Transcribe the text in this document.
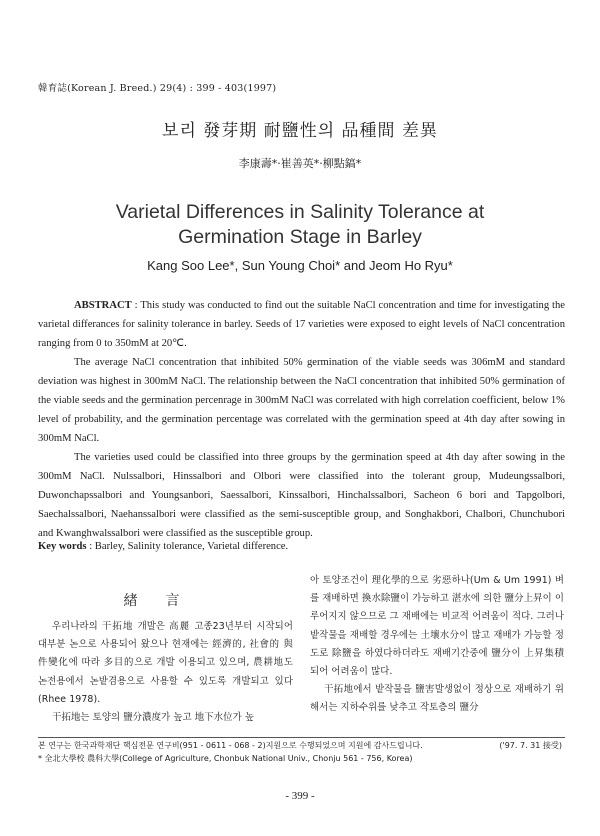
韓育誌(Korean J. Breed.) 29(4) : 399 - 403(1997)
보리 發芽期 耐鹽性의 品種間 差異
李康壽*·崔善英*·柳點鎬*
Varietal Differences in Salinity Tolerance at
Germination Stage in Barley
Kang Soo Lee*, Sun Young Choi* and Jeom Ho Ryu*

ABSTRACT : This study was conducted to find out the suitable NaCl concentration and time for investigating the varietal differances for salinity tolerance in barley. Seeds of 17 varieties were exposed to eight levels of NaCl concentration ranging from 0 to 350mM at 20℃.

The average NaCl concentration that inhibited 50% germination of the viable seeds was 306mM and standard deviation was highest in 300mM NaCl. The relationship between the NaCl concentration that inhibited 50% germination of the viable seeds and the germination percenrage in 300mM NaCl was correlated with high correlation coefficient, below 1% level of probability, and the germination percentage was correlated with the germination speed at 4th day after sowing in 300mM NaCl.

The varieties used could be classified into three groups by the germination speed at 4th day after sowing in the 300mM NaCl. Nulssalbori, Hinssalbori and Olbori were classified into the tolerant group, Mudeungssalbori, Duwonchapssalbori and Youngsanbori, Saessalbori, Kinssalbori, Hinchalssalbori, Sacheon 6 bori and Tapgolbori, Saechalssalbori, Naehanssalbori were classified as the semi-susceptible group, and Songhakbori, Chalbori, Chunchubori and Kwanghwalssalbori were classified as the susceptible group.

Key words : Barley, Salinity tolerance, Varietal difference.
緖言

우리나라의 干拓地 개발은 高麗 고종23년부터 시작되어 대부분 논으로 사용되어 왔으나 현재에는 經濟的, 社會的 與件變化에 따라 多目的으로 개발 이용되고 있으며, 農耕地도 논전용에서 논밭겸용으로 사용할 수 있도록 개발되고 있다(Rhee 1978).

干拓地는 토양의 鹽分濃度가 높고 地下水位가 높

아 토양조건이 理化學的으로 劣惡하나(Um & Um 1991) 벼를 재배하면 換水除鹽이 가능하고 湛水에 의한 鹽分上昇이 이루어지지 않으므로 그 재배에는 비교적 어려움이 적다. 그러나 밭작물을 재배할 경우에는 土壤水分이 많고 재배가 가능할 정도로 除鹽을 하였다하더라도 재배기간중에 鹽分이 上昇集積되어 어려움이 많다.

干拓地에서 밭작물을 鹽害발생없이 정상으로 재배하기 위해서는 지하수위를 낮추고 작토층의 鹽分

본 연구는 한국과학재단 핵심전문 연구비(951 - 0611 - 068 - 2)지원으로 수행되었으며 지원에 감사드립니다.	('97. 7. 31 接受)
* 全北大學校 農科大學(College of Agriculture, Chonbuk National Univ., Chonju 561 - 756, Korea)
- 399 -
